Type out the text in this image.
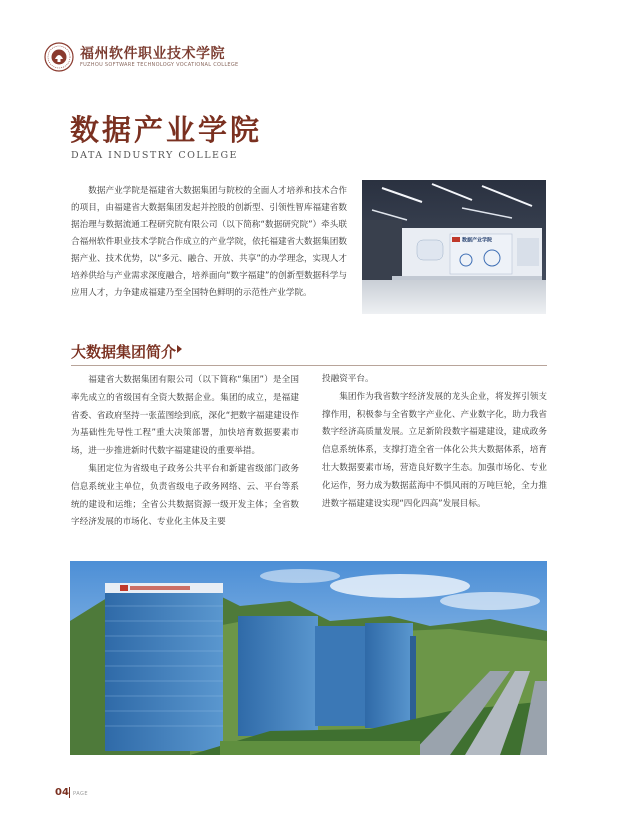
福州软件职业技术学院
FUZHOU SOFTWARE TECHNOLOGY VOCATIONAL COLLEGE
数据产业学院
DATA INDUSTRY COLLEGE
数据产业学院是福建省大数据集团与院校的全面人才培养和技术合作的项目，由福建省大数据集团发起并控股的创新型、引领性智库福建省数据治理与数据流通工程研究院有限公司（以下简称“数据研究院”）牵头联合福州软件职业技术学院合作成立的产业学院，依托福建省大数据集团数据产业、技术优势，以“多元、融合、开放、共享”的办学理念，实现人才培养供给与产业需求深度融合，培养面向“数字福建”的创新型数据科学与应用人才，力争建成福建乃至全国特色鲜明的示范性产业学院。
数据产业学院
大数据集团简介

福建省大数据集团有限公司（以下简称“集团”）是全国率先成立的省级国有全资大数据企业。集团的成立，是福建省委、省政府坚持一张蓝图绘到底，深化“把数字福建建设作为基础性先导性工程”重大决策部署，加快培育数据要素市场，进一步推进新时代数字福建建设的重要举措。

集团定位为省级电子政务公共平台和新建省级部门政务信息系统业主单位，负责省级电子政务网络、云、平台等系统的建设和运维；全省公共数据资源一级开发主体；全省数字经济发展的市场化、专业化主体及主要

投融资平台。

集团作为我省数字经济发展的龙头企业，将发挥引领支撑作用，积极参与全省数字产业化、产业数字化，助力我省数字经济高质量发展。立足新阶段数字福建建设，建成政务信息系统体系，支撑打造全省一体化公共大数据体系，培育壮大数据要素市场，营造良好数字生态。加强市场化、专业化运作，努力成为数据蓝海中不惧风雨的万吨巨轮，全力推进数字福建建设实现“四化四高”发展目标。

04 PAGE
